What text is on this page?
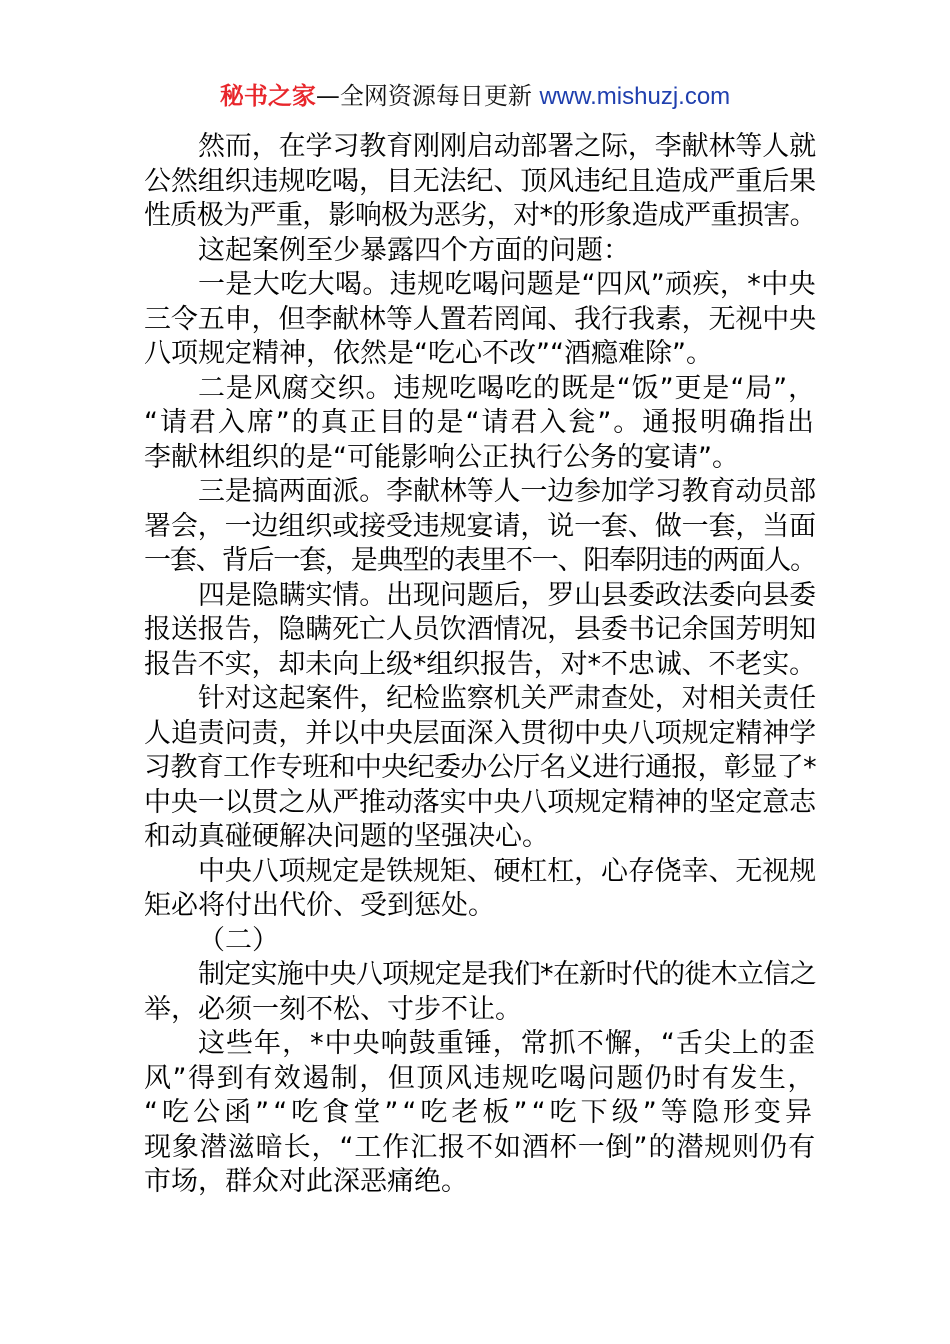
秘书之家—全网资源每日更新 www.mishuzj.com
然而，在学习教育刚刚启动部署之际，李献林等人就
公然组织违规吃喝，目无法纪、顶风违纪且造成严重后果
性质极为严重，影响极为恶劣，对*的形象造成严重损害。
这起案例至少暴露四个方面的问题：
一是大吃大喝。违规吃喝问题是“四风”顽疾，*中央
三令五申，但李献林等人置若罔闻、我行我素，无视中央
八项规定精神，依然是“吃心不改”“酒瘾难除”。
二是风腐交织。违规吃喝吃的既是“饭”更是“局”，
“请君入席”的真正目的是“请君入瓮”。通报明确指出
李献林组织的是“可能影响公正执行公务的宴请”。
三是搞两面派。李献林等人一边参加学习教育动员部
署会，一边组织或接受违规宴请，说一套、做一套，当面
一套、背后一套，是典型的表里不一、阳奉阴违的两面人。
四是隐瞒实情。出现问题后，罗山县委政法委向县委
报送报告，隐瞒死亡人员饮酒情况，县委书记余国芳明知
报告不实，却未向上级*组织报告，对*不忠诚、不老实。
针对这起案件，纪检监察机关严肃查处，对相关责任
人追责问责，并以中央层面深入贯彻中央八项规定精神学
习教育工作专班和中央纪委办公厅名义进行通报，彰显了*
中央一以贯之从严推动落实中央八项规定精神的坚定意志
和动真碰硬解决问题的坚强决心。
中央八项规定是铁规矩、硬杠杠，心存侥幸、无视规
矩必将付出代价、受到惩处。
（二）
制定实施中央八项规定是我们*在新时代的徙木立信之
举，必须一刻不松、寸步不让。
这些年，*中央响鼓重锤，常抓不懈，“舌尖上的歪
风”得到有效遏制，但顶风违规吃喝问题仍时有发生，
“吃公函”“吃食堂”“吃老板”“吃下级”等隐形变异
现象潜滋暗长，“工作汇报不如酒杯一倒”的潜规则仍有
市场，群众对此深恶痛绝。
